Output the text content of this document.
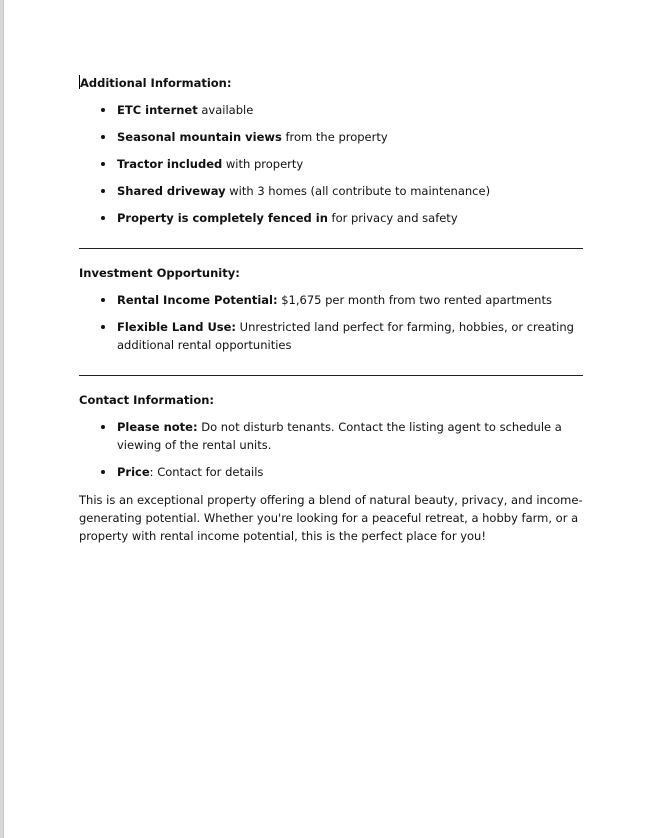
Additional Information:

ETC internet available
Seasonal mountain views from the property
Tractor included with property
Shared driveway with 3 homes (all contribute to maintenance)
Property is completely fenced in for privacy and safety

Investment Opportunity:

Rental Income Potential: $1,675 per month from two rented apartments
Flexible Land Use: Unrestricted land perfect for farming, hobbies, or creating additional rental opportunities

Contact Information:

Please note: Do not disturb tenants. Contact the listing agent to schedule a viewing of the rental units.
Price: Contact for details

This is an exceptional property offering a blend of natural beauty, privacy, and income-generating potential. Whether you're looking for a peaceful retreat, a hobby farm, or a property with rental income potential, this is the perfect place for you!
